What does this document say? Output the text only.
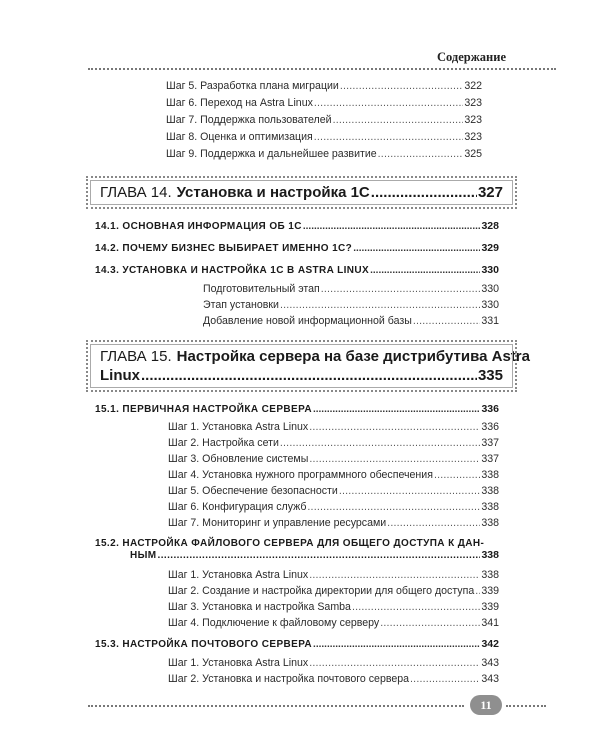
Содержание
Шаг 5. Разработка плана миграции .....	322
Шаг 6. Переход на Astra Linux .....	323
Шаг 7. Поддержка пользователей .....	323
Шаг 8. Оценка и оптимизация .....	323
Шаг 9. Поддержка и дальнейшее развитие .....	325
ГЛАВА 14. Установка и настройка 1С .....	327
14.1. ОСНОВНАЯ ИНФОРМАЦИЯ ОБ 1С .....	328
14.2. ПОЧЕМУ БИЗНЕС ВЫБИРАЕТ ИМЕННО 1С? .....	329
14.3. УСТАНОВКА И НАСТРОЙКА 1С В ASTRA LINUX .....	330
Подготовительный этап .....	330
Этап установки .....	330
Добавление новой информационной базы .....	331
ГЛАВА 15. Настройка сервера на базе дистрибутива Astra
Linux .....	335
15.1. ПЕРВИЧНАЯ НАСТРОЙКА СЕРВЕРА .....	336
Шаг 1. Установка Astra Linux .....	336
Шаг 2. Настройка сети .....	337
Шаг 3. Обновление системы .....	337
Шаг 4. Установка нужного программного обеспечения .....	338
Шаг 5. Обеспечение безопасности .....	338
Шаг 6. Конфигурация служб .....	338
Шаг 7. Мониторинг и управление ресурсами .....	338
15.2. НАСТРОЙКА ФАЙЛОВОГО СЕРВЕРА ДЛЯ ОБЩЕГО ДОСТУПА К ДАН-
НЫМ .....	338
Шаг 1. Установка Astra Linux .....	338
Шаг 2. Создание и настройка директории для общего доступа ..... 339
Шаг 3. Установка и настройка Samba .....	339
Шаг 4. Подключение к файловому серверу .....	341
15.3. НАСТРОЙКА ПОЧТОВОГО СЕРВЕРА .....	342
Шаг 1. Установка Astra Linux .....	343
Шаг 2. Установка и настройка почтового сервера .....	343
11
